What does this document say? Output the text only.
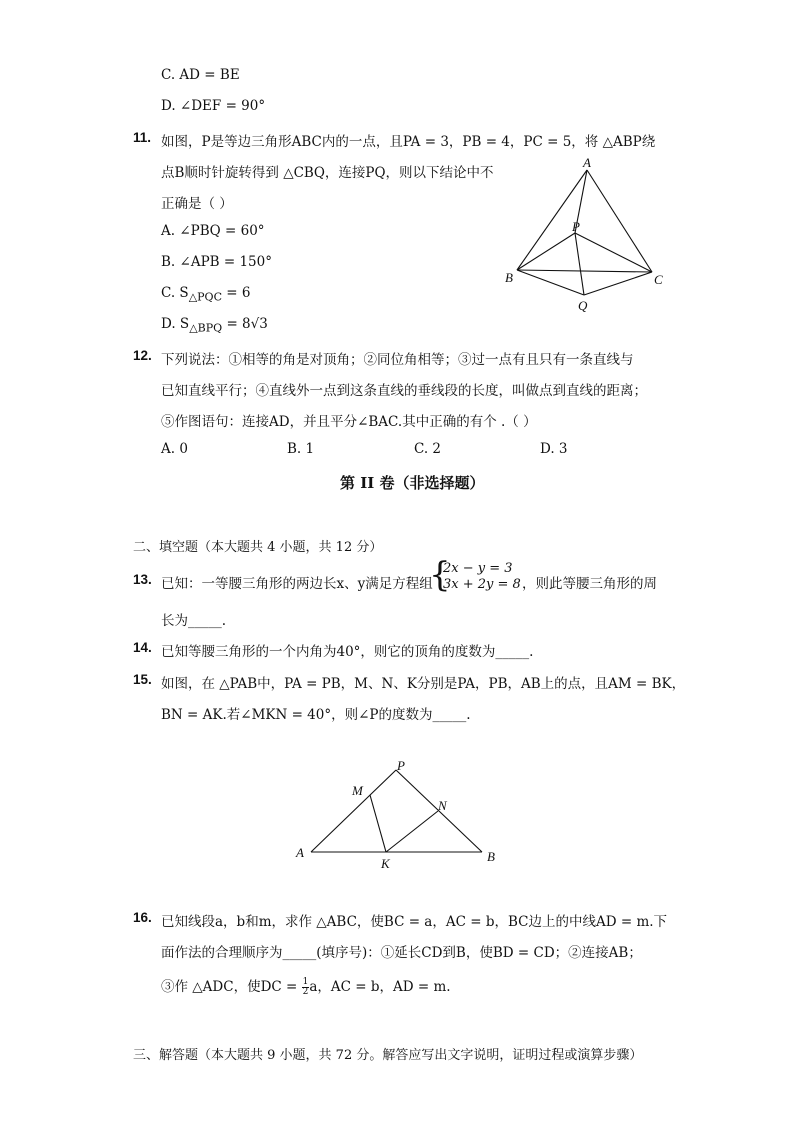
C. AD = BE
D. ∠DEF = 90°
11. 如图，P是等边三角形ABC内的一点，且PA = 3，PB = 4，PC = 5，将 △ABP绕
点B顺时针旋转得到 △CBQ，连接PQ，则以下结论中不
正确是（ ）
A. ∠PBQ = 60°
B. ∠APB = 150°
C. $S_{\triangle PQC} = 6$
D. $S_{\triangle BPQ} = 8√3$
A
B	C
P
Q
12. 下列说法：①相等的角是对顶角；②同位角相等；③过一点有且只有一条直线与
已知直线平行；④直线外一点到这条直线的垂线段的长度，叫做点到直线的距离；
⑤作图语句：连接AD，并且平分∠BAC.其中正确的有个 .（ ）
A. 0	B. 1	C. 2	D. 3
第 II 卷（非选择题）
二、填空题（本大题共 4 小题，共 12 分）
13. 已知：一等腰三角形的两边长x、y满足方程组
{
2x − y = 3
3x + 2y = 8 ，则此等腰三角形的周
长为_____.
14. 已知等腰三角形的一个内角为40°，则它的顶角的度数为_____.
15. 如图，在 △PAB中，PA = PB，M、N、K分别是PA，PB，AB上的点，且AM = BK，
BN = AK.若∠MKN = 40°，则∠P的度数为_____.
P
M
N
A
K	B
16. 已知线段a，b和m，求作 △ABC，使BC = a，AC = b，BC边上的中线AD = m.下
面作法的合理顺序为_____(填序号)：①延长CD到B，使BD = CD；②连接AB；
③作 △ADC，使DC = $\frac{1}{2}$ a，AC = b，AD = m.
三、解答题（本大题共 9 小题，共 72 分。解答应写出文字说明，证明过程或演算步骤）
